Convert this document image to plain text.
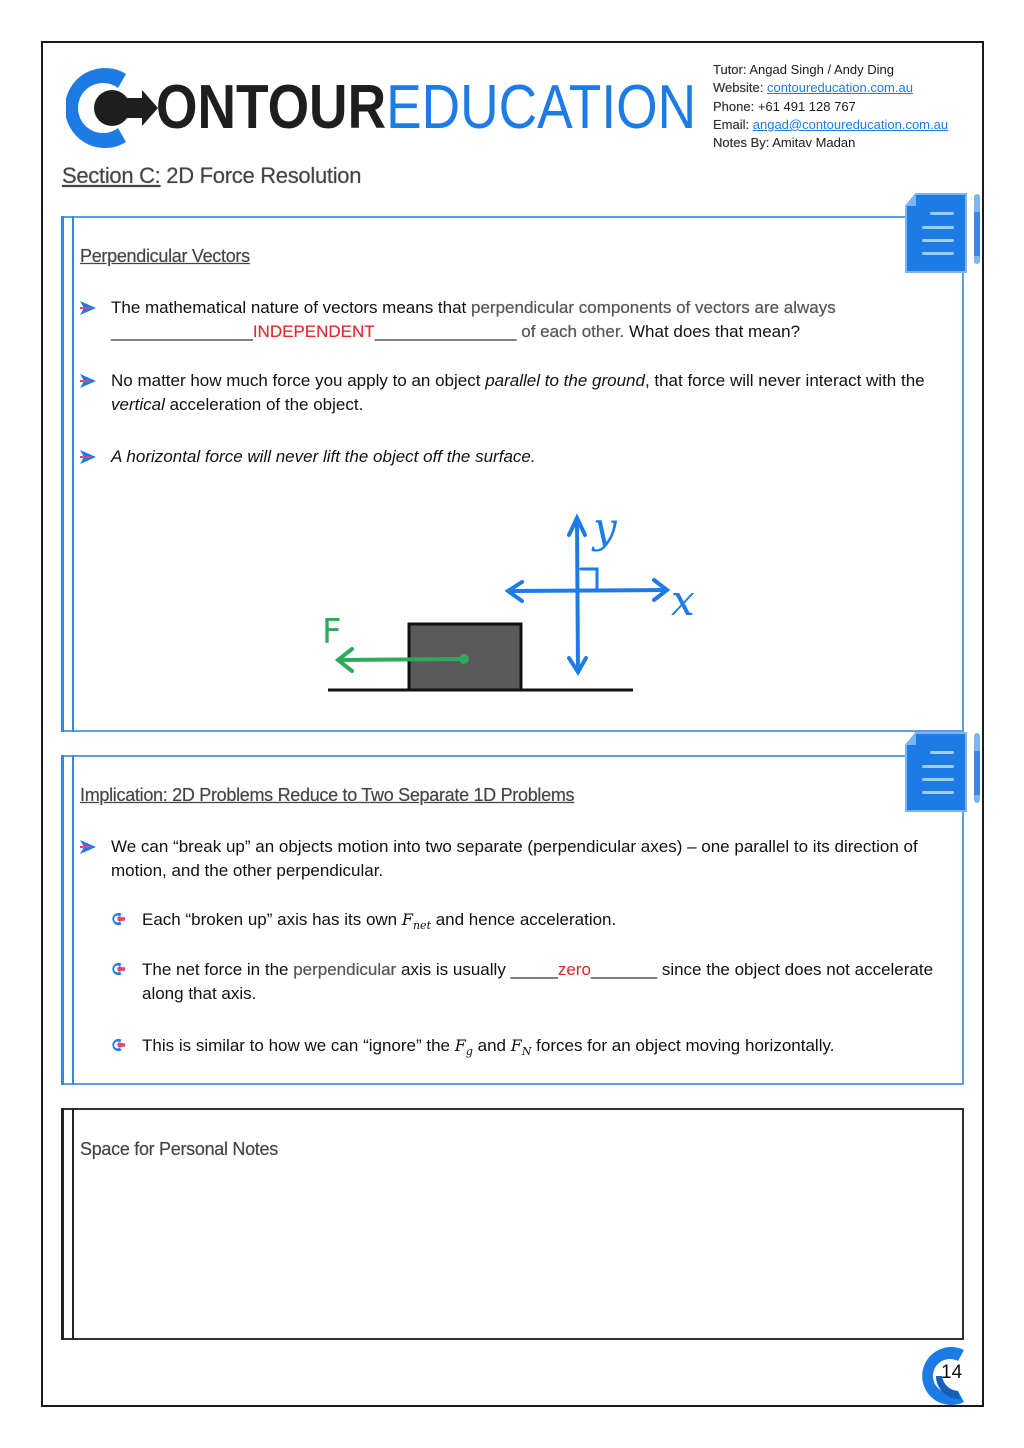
ONTOUREDUCATION
Tutor: Angad Singh / Andy Ding
Website: contoureducation.com.au
Phone: +61 491 128 767
Email: angad@contoureducation.com.au
Notes By: Amitav Madan
Section C: 2D Force Resolution
Perpendicular Vectors
The mathematical nature of vectors means that perpendicular components of vectors are always
_______________INDEPENDENT_______________ of each other. What does that mean?
No matter how much force you apply to an object parallel to the ground, that force will never interact with the vertical acceleration of the object.
A horizontal force will never lift the object off the surface.
F
y
x
Implication: 2D Problems Reduce to Two Separate 1D Problems
We can “break up” an objects motion into two separate (perpendicular axes) – one parallel to its direction of motion, and the other perpendicular.
Each “broken up” axis has its own $F_{net}$ and hence acceleration.
The net force in the perpendicular axis is usually _____zero_______ since the object does not accelerate along that axis.
This is similar to how we can “ignore” the $F_g$ and $F_N$ forces for an object moving horizontally.
Space for Personal Notes
14
